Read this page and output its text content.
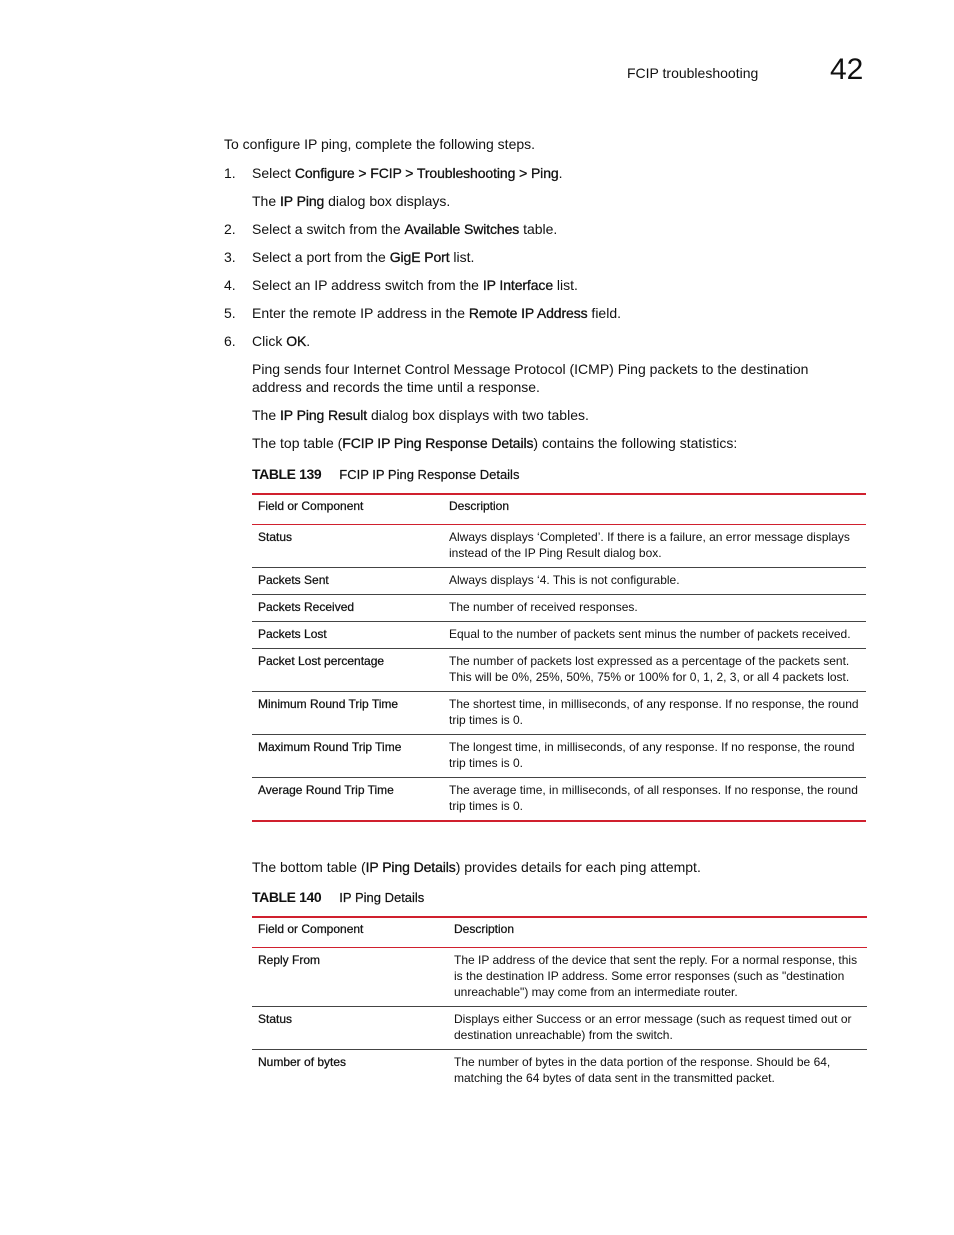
FCIP troubleshooting 42
To configure IP ping, complete the following steps.
1. Select Configure > FCIP > Troubleshooting > Ping.
2. Select a switch from the Available Switches table.
3. Select a port from the GigE Port list.
4. Select an IP address switch from the IP Interface list.
5. Enter the remote IP address in the Remote IP Address field.
6. Click OK.
The IP Ping dialog box displays.
Ping sends four Internet Control Message Protocol (ICMP) Ping packets to the destination address and records the time until a response.
The IP Ping Result dialog box displays with two tables.
The top table (FCIP IP Ping Response Details) contains the following statistics:
TABLE 139 FCIP IP Ping Response Details
Field or Component	Description
Status	Always displays ‘Completed’. If there is a failure, an error message displays instead of the IP Ping Result dialog box.
Packets Sent	Always displays ‘4. This is not configurable.
Packets Received	The number of received responses.
Packets Lost	Equal to the number of packets sent minus the number of packets received.
Packet Lost percentage	The number of packets lost expressed as a percentage of the packets sent. This will be 0%, 25%, 50%, 75% or 100% for 0, 1, 2, 3, or all 4 packets lost.
Minimum Round Trip Time	The shortest time, in milliseconds, of any response. If no response, the round trip times is 0.
Maximum Round Trip Time	The longest time, in milliseconds, of any response. If no response, the round trip times is 0.
Average Round Trip Time	The average time, in milliseconds, of all responses. If no response, the round trip times is 0.
The bottom table (IP Ping Details) provides details for each ping attempt.
TABLE 140 IP Ping Details
Field or Component	Description
Reply From	The IP address of the device that sent the reply. For a normal response, this is the destination IP address. Some error responses (such as "destination unreachable") may come from an intermediate router.
Status	Displays either Success or an error message (such as request timed out or destination unreachable) from the switch.
Number of bytes	The number of bytes in the data portion of the response. Should be 64, matching the 64 bytes of data sent in the transmitted packet.
